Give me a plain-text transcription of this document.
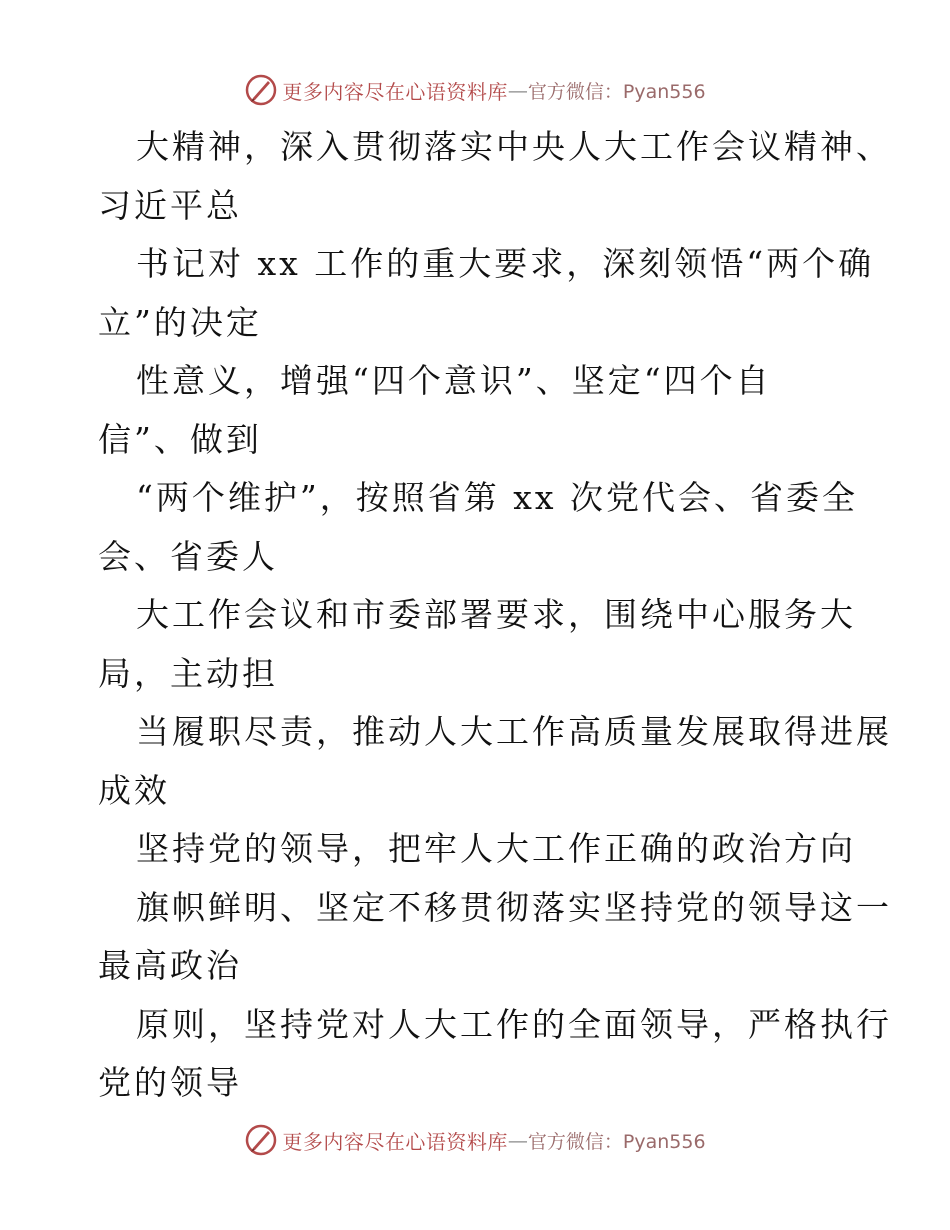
更多内容尽在心语资料库 — 官方微信：Pyan556
大精神，深入贯彻落实中央人大工作会议精神、
习近平总
书记对 xx 工作的重大要求，深刻领悟“两个确
立”的决定
性意义，增强“四个意识”、坚定“四个自
信”、做到
“两个维护”，按照省第 xx 次党代会、省委全
会、省委人
大工作会议和市委部署要求，围绕中心服务大
局，主动担
当履职尽责，推动人大工作高质量发展取得进展
成效
坚持党的领导，把牢人大工作正确的政治方向
旗帜鲜明、坚定不移贯彻落实坚持党的领导这一
最高政治
原则，坚持党对人大工作的全面领导，严格执行
党的领导
更多内容尽在心语资料库 — 官方微信：Pyan556
